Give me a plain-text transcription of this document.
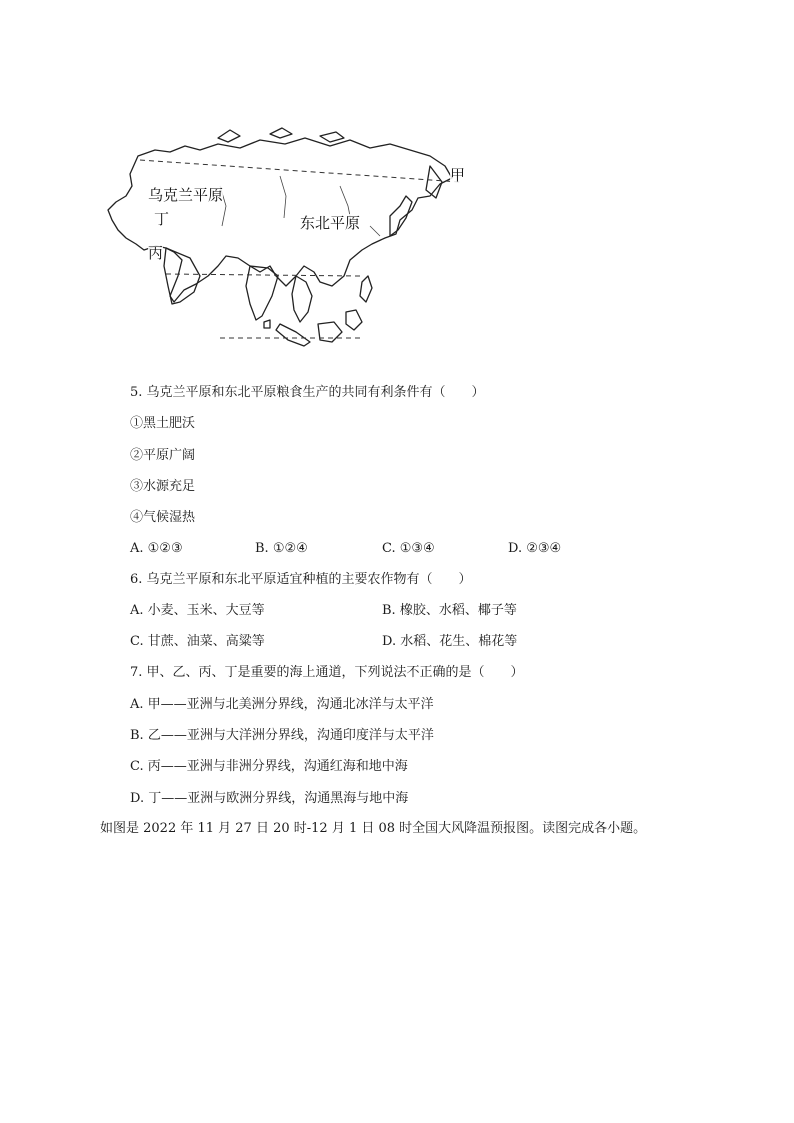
乌克兰平原
东北平原
甲
丁
丙
5. 乌克兰平原和东北平原粮食生产的共同有利条件有（　　）
①黑土肥沃
②平原广阔
③水源充足
④气候湿热
A. ①②③	B. ①②④	C. ①③④	D. ②③④
6. 乌克兰平原和东北平原适宜种植的主要农作物有（　　）
A. 小麦、玉米、大豆等	B. 橡胶、水稻、椰子等
C. 甘蔗、油菜、高粱等	D. 水稻、花生、棉花等
7. 甲、乙、丙、丁是重要的海上通道，下列说法不正确的是（　　）
A. 甲——亚洲与北美洲分界线，沟通北冰洋与太平洋
B. 乙——亚洲与大洋洲分界线，沟通印度洋与太平洋
C. 丙——亚洲与非洲分界线，沟通红海和地中海
D. 丁——亚洲与欧洲分界线，沟通黑海与地中海
如图是 2022 年 11 月 27 日 20 时-12 月 1 日 08 时全国大风降温预报图。读图完成各小题。
